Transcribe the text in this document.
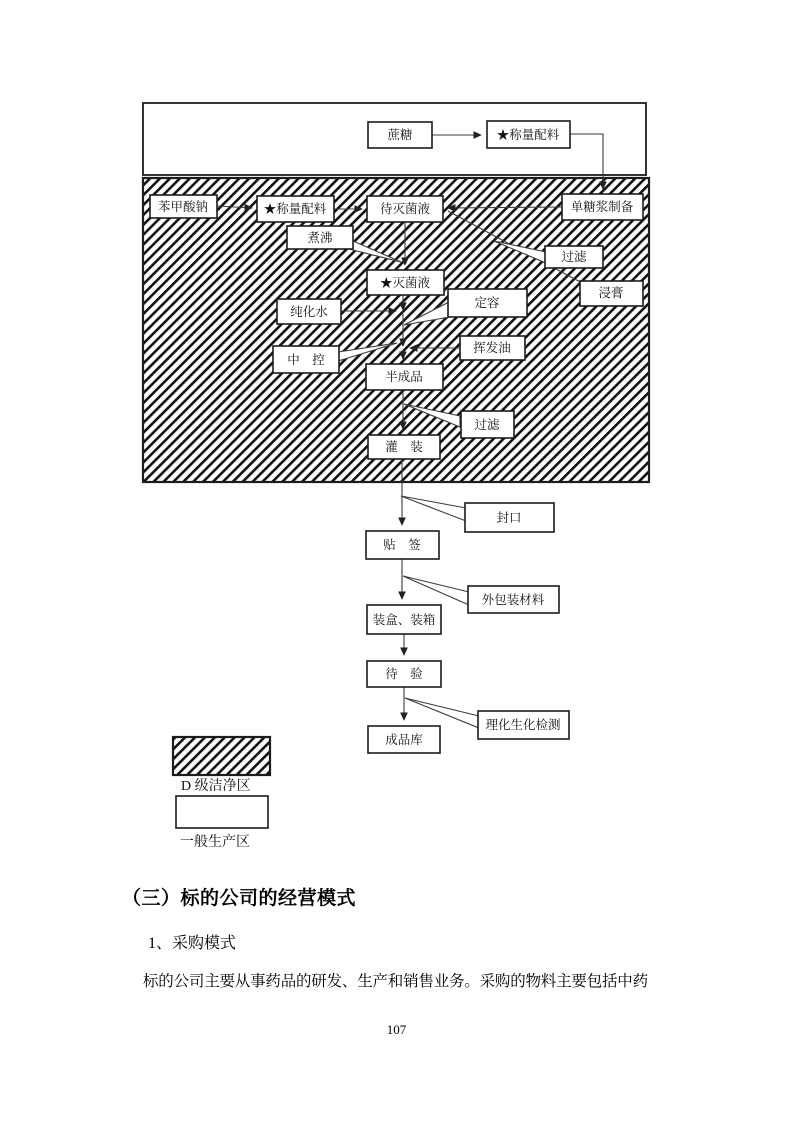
蔗糖	★称量配料
苯甲酸钠	★称量配料	待灭菌液	单糖浆制备
煮沸
过滤
★灭菌液
浸膏
纯化水
定容
中　控
挥发油
半成品
过滤
灌　装
封口
贴　签
外包装材料
装盒、装箱
待　验
理化生化检测
成品库
D 级洁净区
一般生产区
（三）标的公司的经营模式
1、采购模式
标的公司主要从事药品的研发、生产和销售业务。采购的物料主要包括中药
107
